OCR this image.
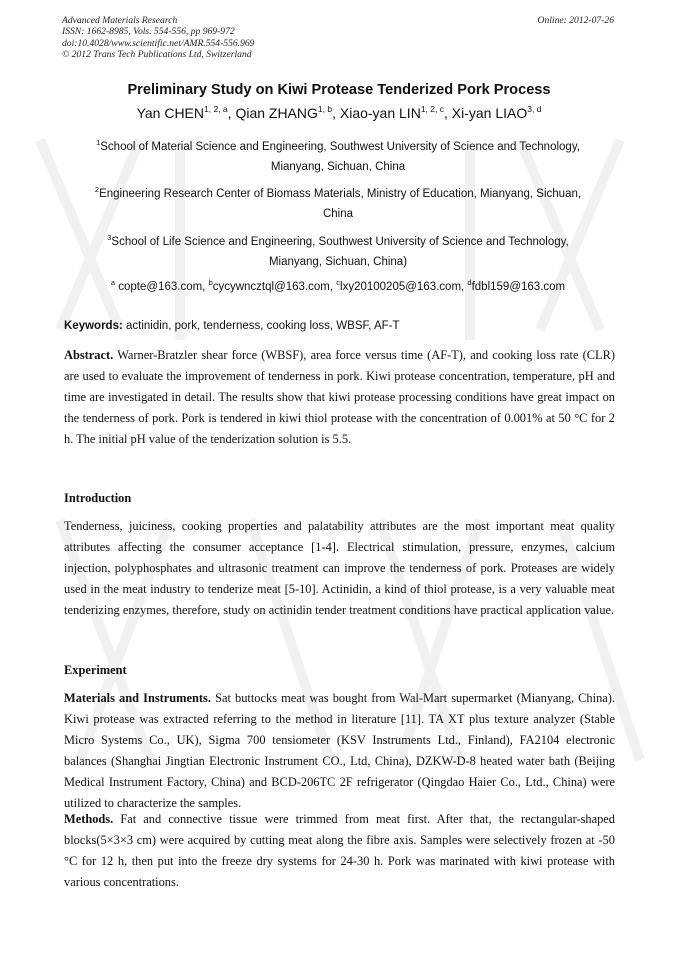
Advanced Materials Research
ISSN: 1662-8985, Vols. 554-556, pp 969-972
doi:10.4028/www.scientific.net/AMR.554-556.969
© 2012 Trans Tech Publications Ltd, Switzerland
Online: 2012-07-26
Preliminary Study on Kiwi Protease Tenderized Pork Process
Yan CHEN$^{1, 2, a}$, Qian ZHANG$^{1, b}$, Xiao-yan LIN$^{1, 2, c}$, Xi-yan LIAO$^{3, d}$
$^1$School of Material Science and Engineering, Southwest University of Science and Technology,
Mianyang, Sichuan, China
$^2$Engineering Research Center of Biomass Materials, Ministry of Education, Mianyang, Sichuan,
China
$^3$School of Life Science and Engineering, Southwest University of Science and Technology,
Mianyang, Sichuan, China)
$^a$ copte@163.com, $^b$cycywncztql@163.com, $^c$lxy20100205@163.com, $^d$fdbl159@163.com
Keywords: actinidin, pork, tenderness, cooking loss, WBSF, AF-T
Abstract. Warner-Bratzler shear force (WBSF), area force versus time (AF-T), and cooking loss rate (CLR) are used to evaluate the improvement of tenderness in pork. Kiwi protease concentration, temperature, pH and time are investigated in detail. The results show that kiwi protease processing conditions have great impact on the tenderness of pork. Pork is tendered in kiwi thiol protease with the concentration of 0.001% at 50 °C for 2 h. The initial pH value of the tenderization solution is 5.5.
Introduction
Tenderness, juiciness, cooking properties and palatability attributes are the most important meat quality attributes affecting the consumer acceptance [1-4]. Electrical stimulation, pressure, enzymes, calcium injection, polyphosphates and ultrasonic treatment can improve the tenderness of pork. Proteases are widely used in the meat industry to tenderize meat [5-10]. Actinidin, a kind of thiol protease, is a very valuable meat tenderizing enzymes, therefore, study on actinidin tender treatment conditions have practical application value.
Experiment
Materials and Instruments. Sat buttocks meat was bought from Wal-Mart supermarket (Mianyang, China). Kiwi protease was extracted referring to the method in literature [11]. TA XT plus texture analyzer (Stable Micro Systems Co., UK), Sigma 700 tensiometer (KSV Instruments Ltd., Finland), FA2104 electronic balances (Shanghai Jingtian Electronic Instrument CO., Ltd, China), DZKW-D-8 heated water bath (Beijing Medical Instrument Factory, China) and BCD-206TC 2F refrigerator (Qingdao Haier Co., Ltd., China) were utilized to characterize the samples.
Methods. Fat and connective tissue were trimmed from meat first. After that, the rectangular-shaped blocks(5×3×3 cm) were acquired by cutting meat along the fibre axis. Samples were selectively frozen at -50 °C for 12 h, then put into the freeze dry systems for 24-30 h. Pork was marinated with kiwi protease with various concentrations.
